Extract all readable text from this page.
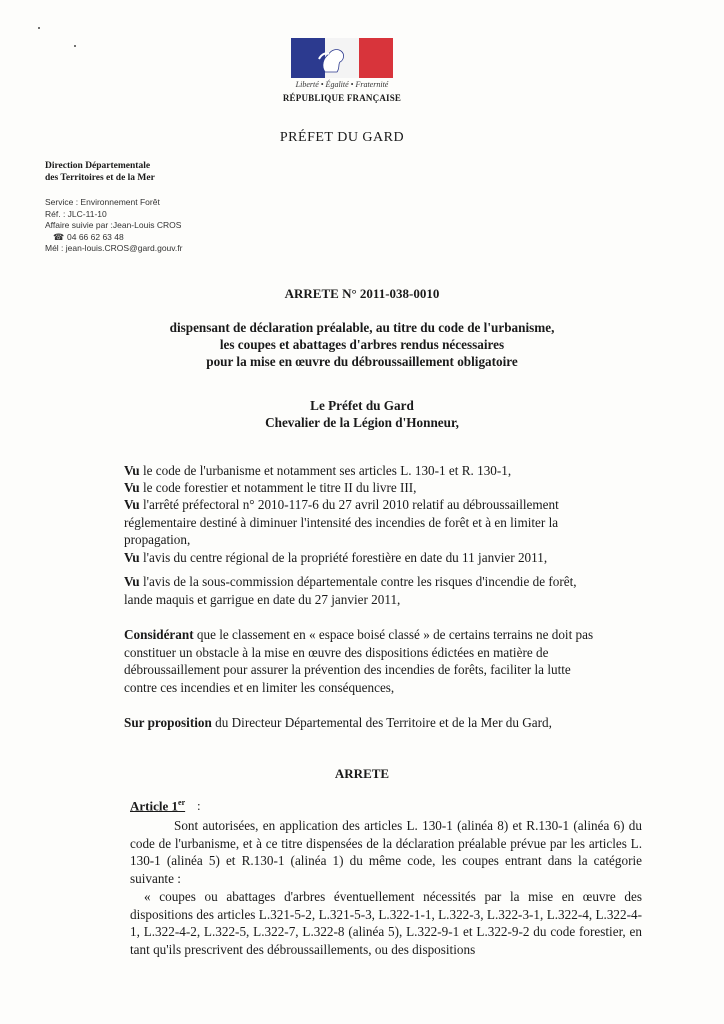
Liberté • Égalité • Fraternité
RÉPUBLIQUE FRANÇAISE
PRÉFET DU GARD
Direction Départementale
des Territoires et de la Mer
Service : Environnement Forêt
Réf. : JLC-11-10
Affaire suivie par :Jean-Louis CROS
☎ 04 66 62 63 48
Mél : jean-louis.CROS@gard.gouv.fr
ARRETE N° 2011-038-0010
dispensant de déclaration préalable, au titre du code de l'urbanisme,
les coupes et abattages d'arbres rendus nécessaires
pour la mise en œuvre du débroussaillement obligatoire
Le Préfet du Gard
Chevalier de la Légion d'Honneur,
Vu le code de l'urbanisme et notamment ses articles L. 130-1 et R. 130-1,
Vu le code forestier et notamment le titre II du livre III,
Vu l'arrêté préfectoral n° 2010-117-6 du 27 avril 2010 relatif au débroussaillement
réglementaire destiné à diminuer l'intensité des incendies de forêt et à en limiter la
propagation,
Vu l'avis du centre régional de la propriété forestière en date du 11 janvier 2011,
Vu l'avis de la sous-commission départementale contre les risques d'incendie de forêt,
lande maquis et garrigue en date du 27 janvier 2011,
Considérant que le classement en « espace boisé classé » de certains terrains ne doit pas
constituer un obstacle à la mise en œuvre des dispositions édictées en matière de
débroussaillement pour assurer la prévention des incendies de forêts, faciliter la lutte
contre ces incendies et en limiter les conséquences,
Sur proposition du Directeur Départemental des Territoire et de la Mer du Gard,
ARRETE
Article 1er :
Sont autorisées, en application des articles L. 130-1 (alinéa 8) et R.130-1 (alinéa 6) du code de l'urbanisme, et à ce titre dispensées de la déclaration préalable prévue par les articles L. 130-1 (alinéa 5) et R.130-1 (alinéa 1) du même code, les coupes entrant dans la catégorie suivante :
« coupes ou abattages d'arbres éventuellement nécessités par la mise en œuvre des dispositions des articles L.321-5-2, L.321-5-3, L.322-1-1, L.322-3, L.322-3-1, L.322-4, L.322-4-1, L.322-4-2, L.322-5, L.322-7, L.322-8 (alinéa 5), L.322-9-1 et L.322-9-2 du code forestier, en tant qu'ils prescrivent des débroussaillements, ou des dispositions
